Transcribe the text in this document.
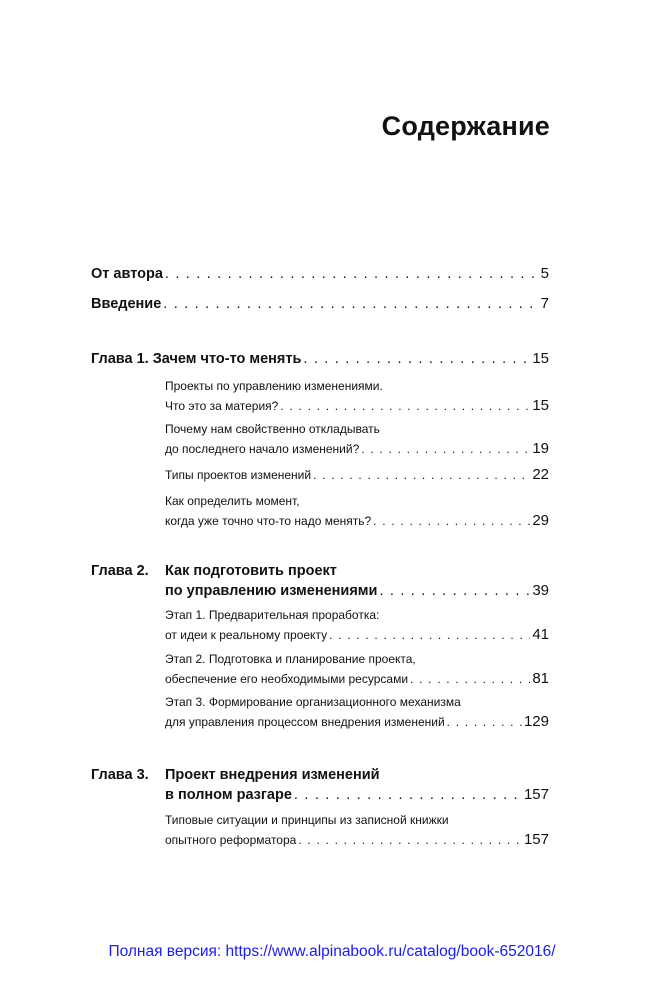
Содержание
От автора . . .	5
Введение . . .	7
Глава 1. Зачем что-то менять . . .	15
Проекты по управлению изменениями.
Что это за материя? . . .	15
Почему нам свойственно откладывать
до последнего начало изменений? . . .	19
Типы проектов изменений . . .	22
Как определить момент,
когда уже точно что-то надо менять? . . .	29
Глава 2. Как подготовить проект
по управлению изменениями . . .	39
Этап 1. Предварительная проработка:
от идеи к реальному проекту . . .	41
Этап 2. Подготовка и планирование проекта,
обеспечение его необходимыми ресурсами . . .	81
Этап 3. Формирование организационного механизма
для управления процессом внедрения изменений . . .	129
Глава 3. Проект внедрения изменений
в полном разгаре . . .	157
Типовые ситуации и принципы из записной книжки
опытного реформатора . . .	157
Полная версия: https://www.alpinabook.ru/catalog/book-652016/
